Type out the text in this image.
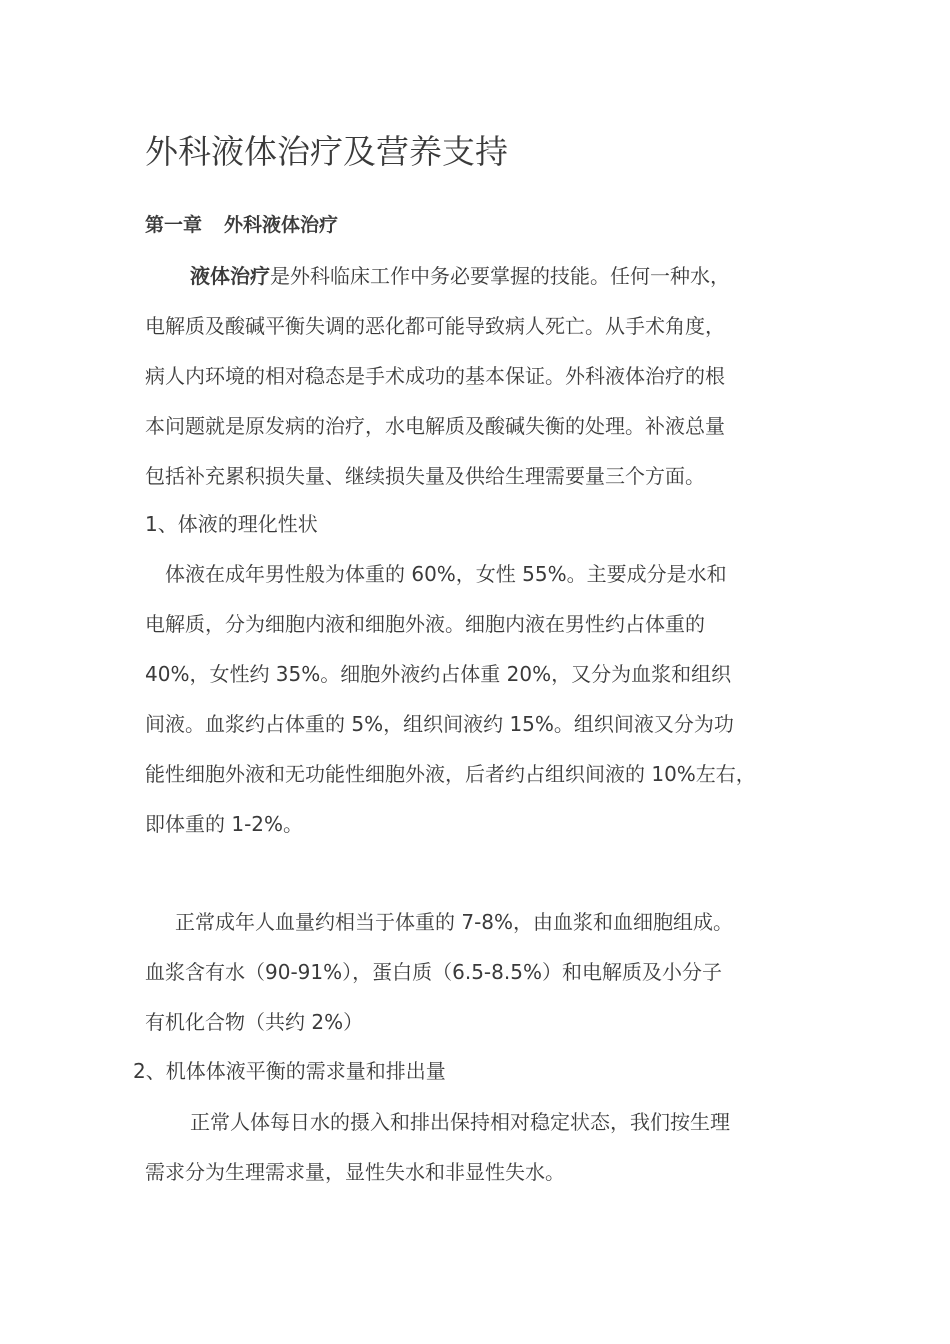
外科液体治疗及营养支持
第一章 外科液体治疗
液体治疗是外科临床工作中务必要掌握的技能。任何一种水，
电解质及酸碱平衡失调的恶化都可能导致病人死亡。从手术角度，
病人内环境的相对稳态是手术成功的基本保证。外科液体治疗的根
本问题就是原发病的治疗，水电解质及酸碱失衡的处理。补液总量
包括补充累积损失量、继续损失量及供给生理需要量三个方面。
1、体液的理化性状
体液在成年男性般为体重的 60%，女性 55%。主要成分是水和
电解质，分为细胞内液和细胞外液。细胞内液在男性约占体重的
40%，女性约 35%。细胞外液约占体重 20%，又分为血浆和组织
间液。血浆约占体重的 5%，组织间液约 15%。组织间液又分为功
能性细胞外液和无功能性细胞外液，后者约占组织间液的 10%左右，
即体重的 1-2%。
正常成年人血量约相当于体重的 7-8%，由血浆和血细胞组成。
血浆含有水（90-91%），蛋白质（6.5-8.5%）和电解质及小分子
有机化合物（共约 2%）
2、机体体液平衡的需求量和排出量
正常人体每日水的摄入和排出保持相对稳定状态，我们按生理
需求分为生理需求量，显性失水和非显性失水。
